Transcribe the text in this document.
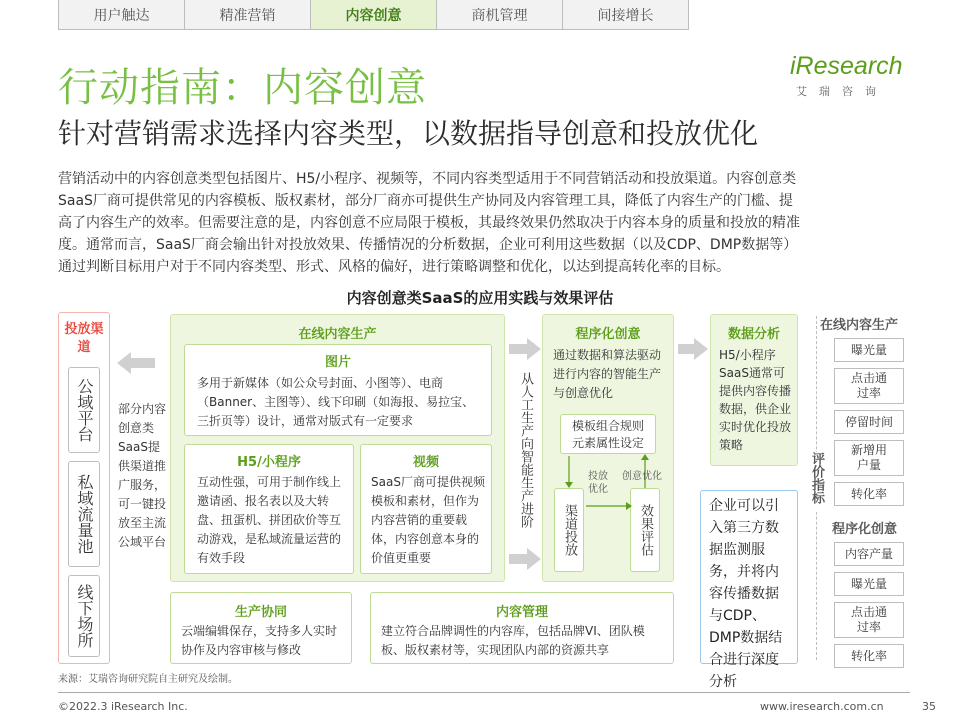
用户触达	精准营销	内容创意	商机管理	间接增长
行动指南：内容创意
针对营销需求选择内容类型，以数据指导创意和投放优化
iResearch
艾瑞咨询
营销活动中的内容创意类型包括图片、H5/小程序、视频等，不同内容类型适用于不同营销活动和投放渠道。内容创意类
SaaS厂商可提供常见的内容模板、版权素材，部分厂商亦可提供生产协同及内容管理工具，降低了内容生产的门槛、提
高了内容生产的效率。但需要注意的是，内容创意不应局限于模板，其最终效果仍然取决于内容本身的质量和投放的精准
度。通常而言，SaaS厂商会输出针对投放效果、传播情况的分析数据，企业可利用这些数据（以及CDP、DMP数据等）
通过判断目标用户对于不同内容类型、形式、风格的偏好，进行策略调整和优化，以达到提高转化率的目标。
内容创意类SaaS的应用实践与效果评估
投放渠道
公域平台
私域流量池
线下场所
部分内容创意类SaaS提供渠道推广服务，可一键投放至主流公域平台
在线内容生产
图片
多用于新媒体（如公众号封面、小图等）、电商（Banner、主图等）、线下印刷（如海报、易拉宝、三折页等）设计，通常对版式有一定要求
H5/小程序
互动性强，可用于制作线上邀请函、报名表以及大转盘、扭蛋机、拼团砍价等互动游戏，是私域流量运营的有效手段
视频
SaaS厂商可提供视频模板和素材，但作为内容营销的重要载体，内容创意本身的价值更重要
生产协同
云端编辑保存，支持多人实时协作及内容审核与修改
内容管理
建立符合品牌调性的内容库，包括品牌VI、团队模板、版权素材等，实现团队内部的资源共享
从人工生产向智能生产进阶
程序化创意
通过数据和算法驱动进行内容的智能生产与创意优化
模板组合规则元素属性设定
渠道投放	效果评估
投放优化
创意优化
数据分析
H5/小程序SaaS通常可提供内容传播数据，供企业实时优化投放策略
企业可以引入第三方数据监测服务，并将内容传播数据与CDP、DMP数据结合进行深度分析
评价指标
在线内容生产
曝光量
点击通过率
停留时间
新增用户量
转化率
程序化创意
内容产量
曝光量
点击通过率
转化率
来源：艾瑞咨询研究院自主研究及绘制。
©2022.3 iResearch Inc.	www.iresearch.com.cn	35
